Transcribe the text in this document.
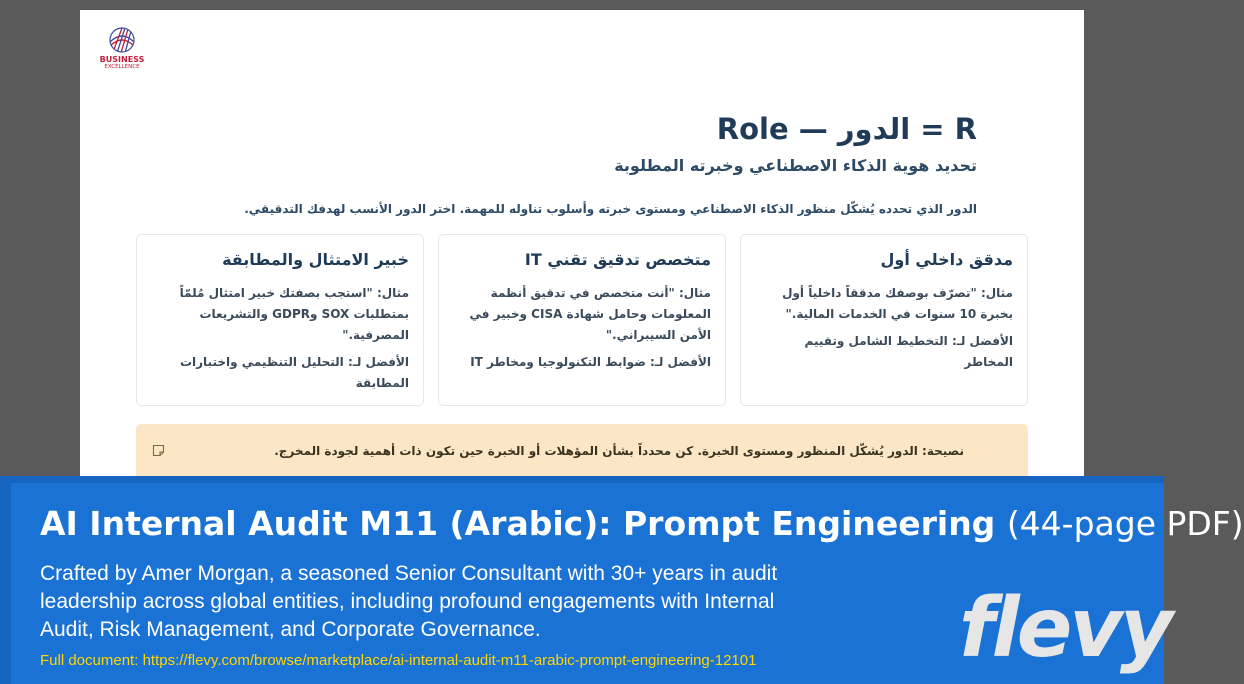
BUSINESS
EXCELLENCE
R = الدور — Role
تحديد هوية الذكاء الاصطناعي وخبرته المطلوبة
الدور الذي تحدده يُشكّل منظور الذكاء الاصطناعي ومستوى خبرته وأسلوب تناوله للمهمة. اختر الدور الأنسب لهدفك التدقيقي.
مدقق داخلي أول
مثال: "تصرّف بوصفك مدققاً داخلياً أول بخبرة 10 سنوات في الخدمات المالية."
الأفضل لـ: التخطيط الشامل وتقييم المخاطر
متخصص تدقيق تقني IT
مثال: "أنت متخصص في تدقيق أنظمة المعلومات وحامل شهادة CISA وخبير في الأمن السيبراني."
الأفضل لـ: ضوابط التكنولوجيا ومخاطر IT
خبير الامتثال والمطابقة
مثال: "استجب بصفتك خبير امتثال مُلمّاً بمتطلبات SOX وGDPR والتشريعات المصرفية."
الأفضل لـ: التحليل التنظيمي واختبارات المطابقة
نصيحة: الدور يُشكّل المنظور ومستوى الخبرة. كن محدداً بشأن المؤهلات أو الخبرة حين تكون ذات أهمية لجودة المخرج.
AI Internal Audit M11 (Arabic): Prompt Engineering (44-page PDF)
Crafted by Amer Morgan, a seasoned Senior Consultant with 30+ years in audit leadership across global entities, including profound engagements with Internal Audit, Risk Management, and Corporate Governance.
Full document: https://flevy.com/browse/marketplace/ai-internal-audit-m11-arabic-prompt-engineering-12101 flevy
